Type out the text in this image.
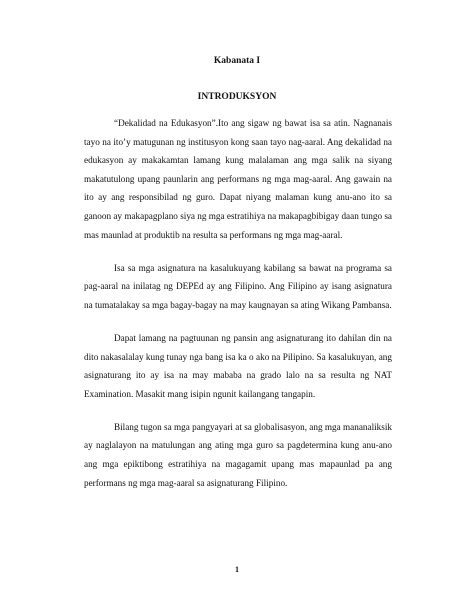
Kabanata I

INTRODUKSYON

“Dekalidad na Edukasyon”.Ito ang sigaw ng bawat isa sa atin. Nagnanais tayo na ito’y matugunan ng institusyon kong saan tayo nag-aaral. Ang dekalidad na edukasyon ay makakamtan lamang kung malalaman ang mga salik na siyang makatutulong upang paunlarin ang performans ng mga mag-aaral. Ang gawain na ito ay ang responsibilad ng guro. Dapat niyang malaman kung anu-ano ito sa ganoon ay makapagplano siya ng mga estratihiya na makapagbibigay daan tungo sa mas maunlad at produktib na resulta sa performans ng mga mag-aaral.

Isa sa mga asignatura na kasalukuyang kabilang sa bawat na programa sa pag-aaral na inilatag ng DEPEd ay ang Filipino. Ang Filipino ay isang asignatura na tumatalakay sa mga bagay-bagay na may kaugnayan sa ating Wikang Pambansa.

Dapat lamang na pagtuunan ng pansin ang asignaturang ito dahilan din na dito nakasalalay kung tunay nga bang isa ka o ako na Pilipino. Sa kasalukuyan, ang asignaturang ito ay isa na may mababa na grado lalo na sa resulta ng NAT Examination. Masakit mang isipin ngunit kailangang tangapin.

Bilang tugon sa mga pangyayari at sa globalisasyon, ang mga mananaliksik ay naglalayon na matulungan ang ating mga guro sa pagdetermina kung anu-ano ang mga epiktibong estratihiya na magagamit upang mas mapaunlad pa ang performans ng mga mag-aaral sa asignaturang Filipino.

1
